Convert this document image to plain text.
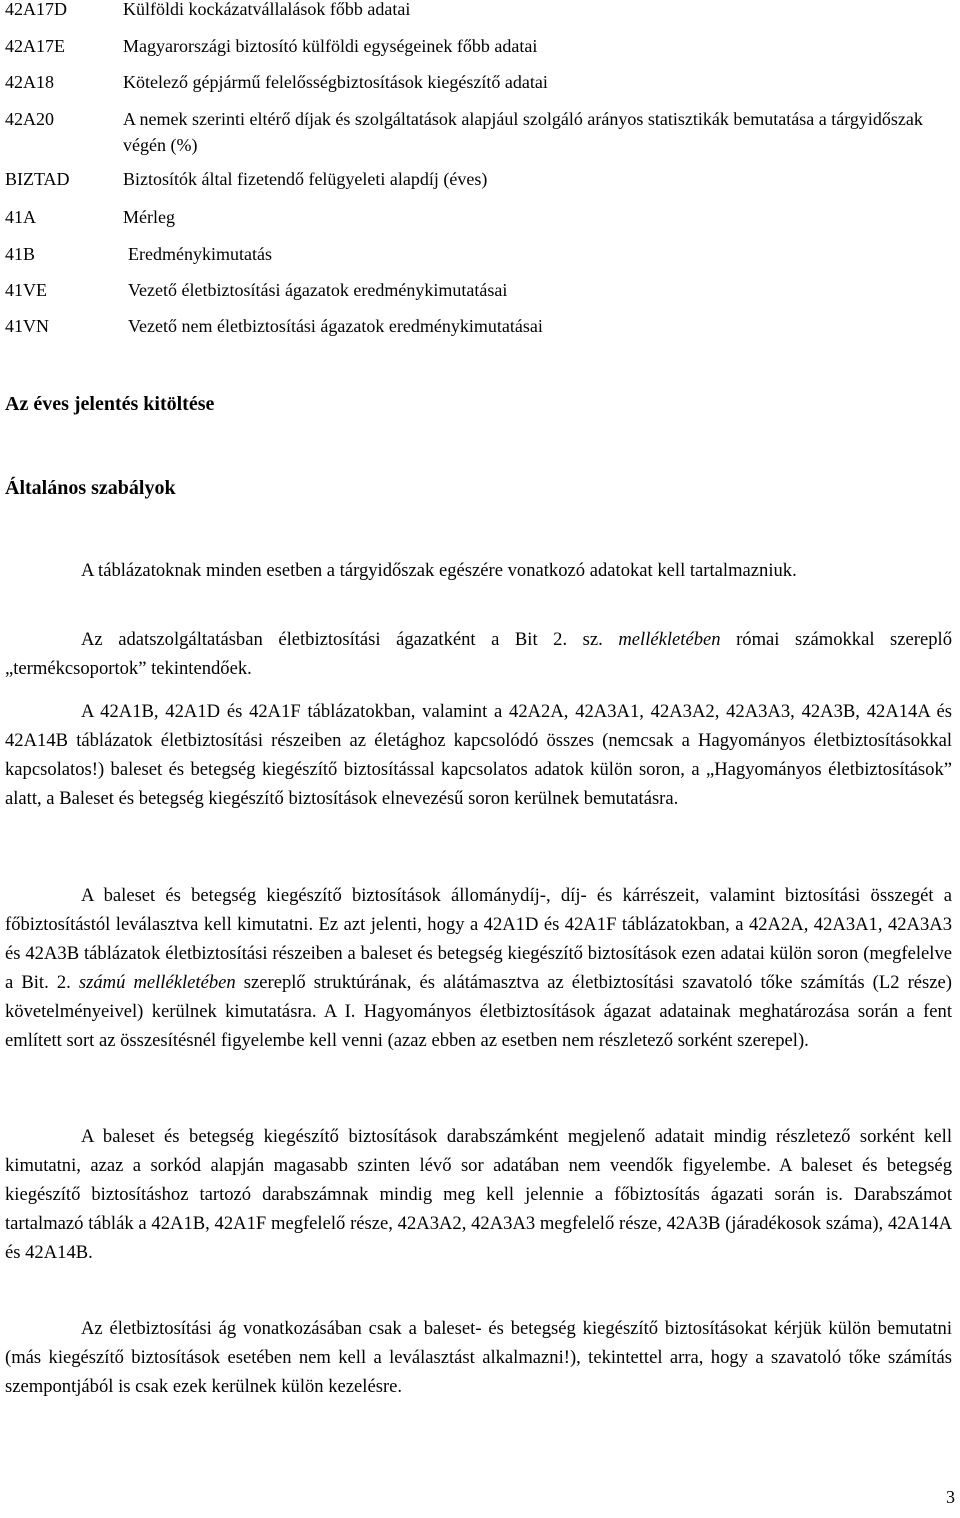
42A17D	Külföldi kockázatvállalások főbb adatai
42A17E	Magyarországi biztosító külföldi egységeinek főbb adatai
42A18	Kötelező gépjármű felelősségbiztosítások kiegészítő adatai
42A20	A nemek szerinti eltérő díjak és szolgáltatások alapjául szolgáló arányos statisztikák bemutatása a tárgyidőszak végén (%)
BIZTAD	Biztosítók által fizetendő felügyeleti alapdíj (éves)
41A	Mérleg
41B	Eredménykimutatás
41VE	Vezető életbiztosítási ágazatok eredménykimutatásai
41VN	Vezető nem életbiztosítási ágazatok eredménykimutatásai
Az éves jelentés kitöltése
Általános szabályok

A táblázatoknak minden esetben a tárgyidőszak egészére vonatkozó adatokat kell tartalmazniuk.

Az adatszolgáltatásban életbiztosítási ágazatként a Bit 2. sz. mellékletében római számokkal szereplő „termékcsoportok” tekintendőek.

A 42A1B, 42A1D és 42A1F táblázatokban, valamint a 42A2A, 42A3A1, 42A3A2, 42A3A3, 42A3B, 42A14A és 42A14B táblázatok életbiztosítási részeiben az életághoz kapcsolódó összes (nemcsak a Hagyományos életbiztosításokkal kapcsolatos!) baleset és betegség kiegészítő biztosítással kapcsolatos adatok külön soron, a „Hagyományos életbiztosítások” alatt, a Baleset és betegség kiegészítő biztosítások elnevezésű soron kerülnek bemutatásra.

A baleset és betegség kiegészítő biztosítások állománydíj-, díj- és kárrészeit, valamint biztosítási összegét a főbiztosítástól leválasztva kell kimutatni. Ez azt jelenti, hogy a 42A1D és 42A1F táblázatokban, a 42A2A, 42A3A1, 42A3A3 és 42A3B táblázatok életbiztosítási részeiben a baleset és betegség kiegészítő biztosítások ezen adatai külön soron (megfelelve a Bit. 2. számú mellékletében szereplő struktúrának, és alátámasztva az életbiztosítási szavatoló tőke számítás (L2 része) követelményeivel) kerülnek kimutatásra. A I. Hagyományos életbiztosítások ágazat adatainak meghatározása során a fent említett sort az összesítésnél figyelembe kell venni (azaz ebben az esetben nem részletező sorként szerepel).

A baleset és betegség kiegészítő biztosítások darabszámként megjelenő adatait mindig részletező sorként kell kimutatni, azaz a sorkód alapján magasabb szinten lévő sor adatában nem veendők figyelembe. A baleset és betegség kiegészítő biztosításhoz tartozó darabszámnak mindig meg kell jelennie a főbiztosítás ágazati során is. Darabszámot tartalmazó táblák a 42A1B, 42A1F megfelelő része, 42A3A2, 42A3A3 megfelelő része, 42A3B (járadékosok száma), 42A14A és 42A14B.

Az életbiztosítási ág vonatkozásában csak a baleset- és betegség kiegészítő biztosításokat kérjük külön bemutatni (más kiegészítő biztosítások esetében nem kell a leválasztást alkalmazni!), tekintettel arra, hogy a szavatoló tőke számítás szempontjából is csak ezek kerülnek külön kezelésre.

3
